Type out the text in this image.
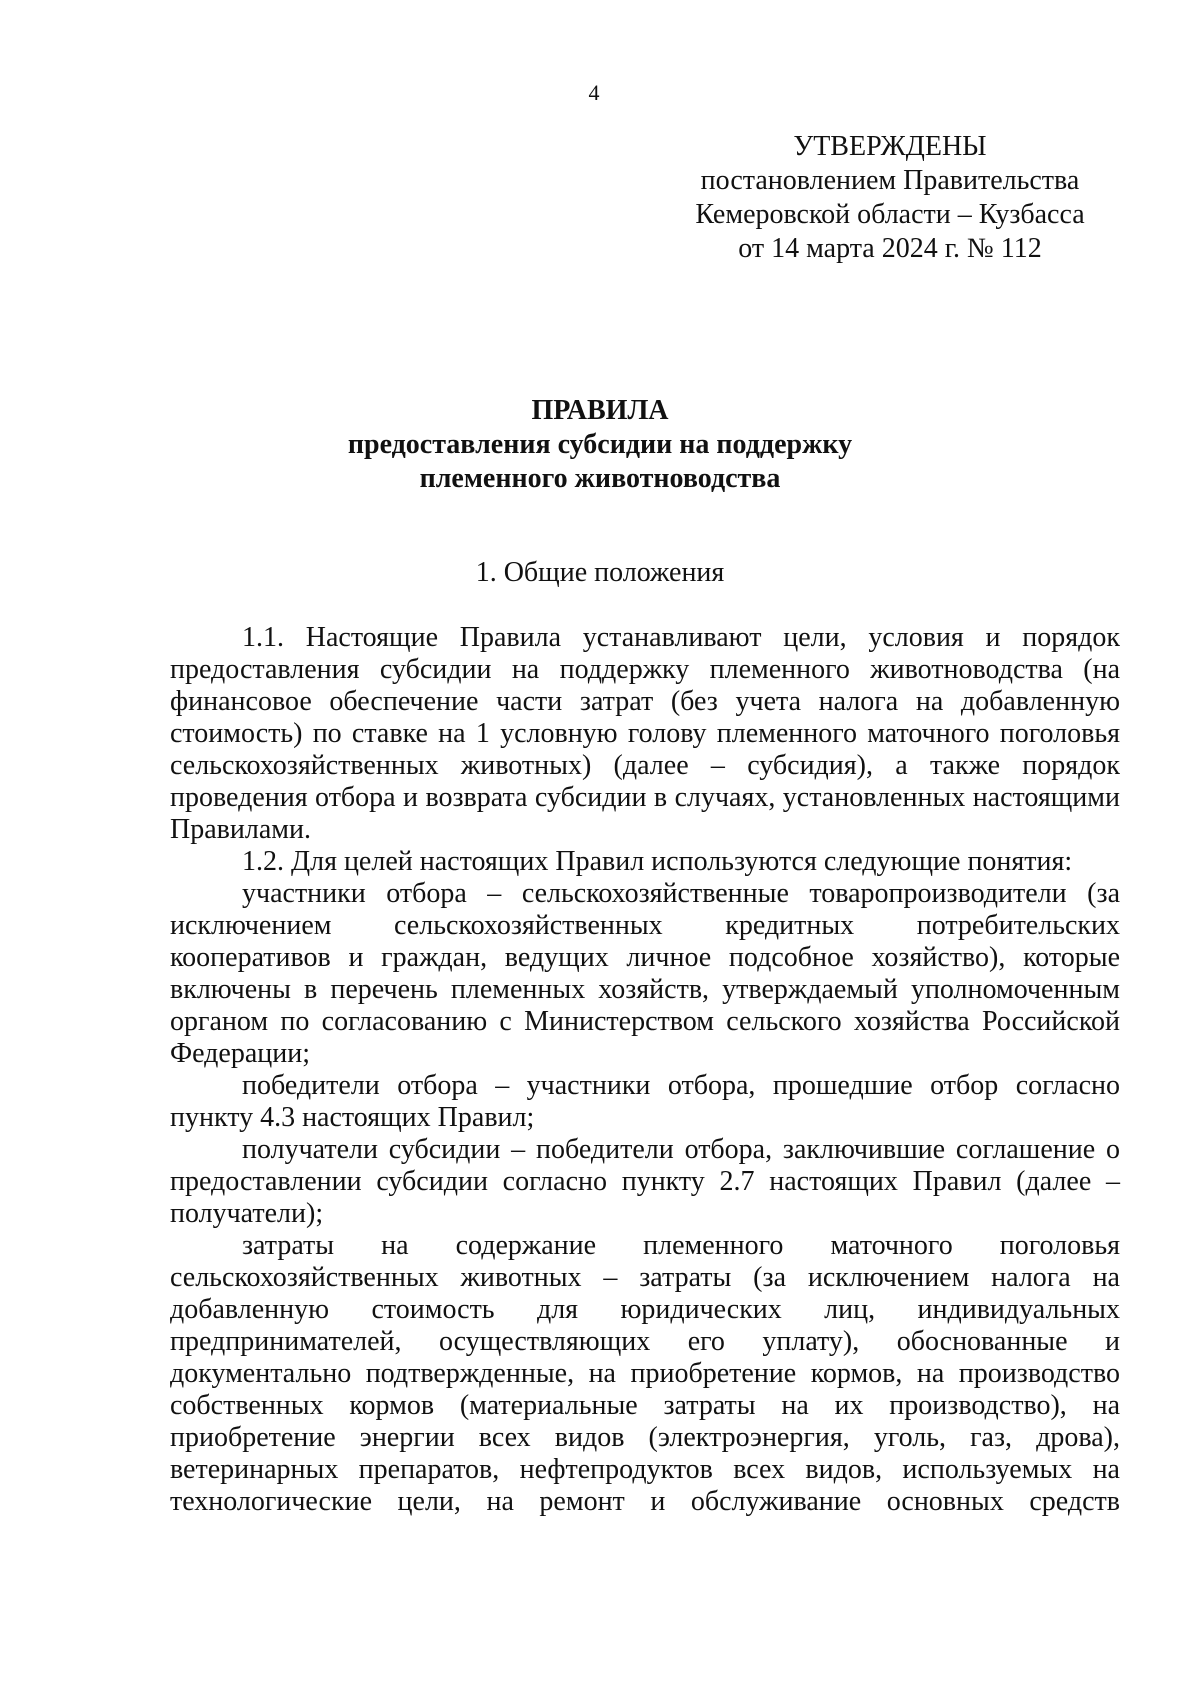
4
УТВЕРЖДЕНЫ
постановлением Правительства
Кемеровской области – Кузбасса
от 14 марта 2024 г. № 112
ПРАВИЛА
предоставления субсидии на поддержку
племенного животноводства
1. Общие положения

1.1. Настоящие Правила устанавливают цели, условия и порядок предоставления субсидии на поддержку племенного животноводства (на финансовое обеспечение части затрат (без учета налога на добавленную стоимость) по ставке на 1 условную голову племенного маточного поголовья сельскохозяйственных животных) (далее – субсидия), а также порядок проведения отбора и возврата субсидии в случаях, установленных настоящими Правилами.

1.2. Для целей настоящих Правил используются следующие понятия:

участники отбора – сельскохозяйственные товаропроизводители (за исключением сельскохозяйственных кредитных потребительских кооперативов и граждан, ведущих личное подсобное хозяйство), которые включены в перечень племенных хозяйств, утверждаемый уполномоченным органом по согласованию с Министерством сельского хозяйства Российской Федерации;

победители отбора – участники отбора, прошедшие отбор согласно пункту 4.3 настоящих Правил;

получатели субсидии – победители отбора, заключившие соглашение о предоставлении субсидии согласно пункту 2.7 настоящих Правил (далее – получатели);

затраты на содержание племенного маточного поголовья сельскохозяйственных животных – затраты (за исключением налога на добавленную стоимость для юридических лиц, индивидуальных предпринимателей, осуществляющих его уплату), обоснованные и документально подтвержденные, на приобретение кормов, на производство собственных кормов (материальные затраты на их производство), на приобретение энергии всех видов (электроэнергия, уголь, газ, дрова), ветеринарных препаратов, нефтепродуктов всех видов, используемых на технологические цели, на ремонт и обслуживание основных средств
